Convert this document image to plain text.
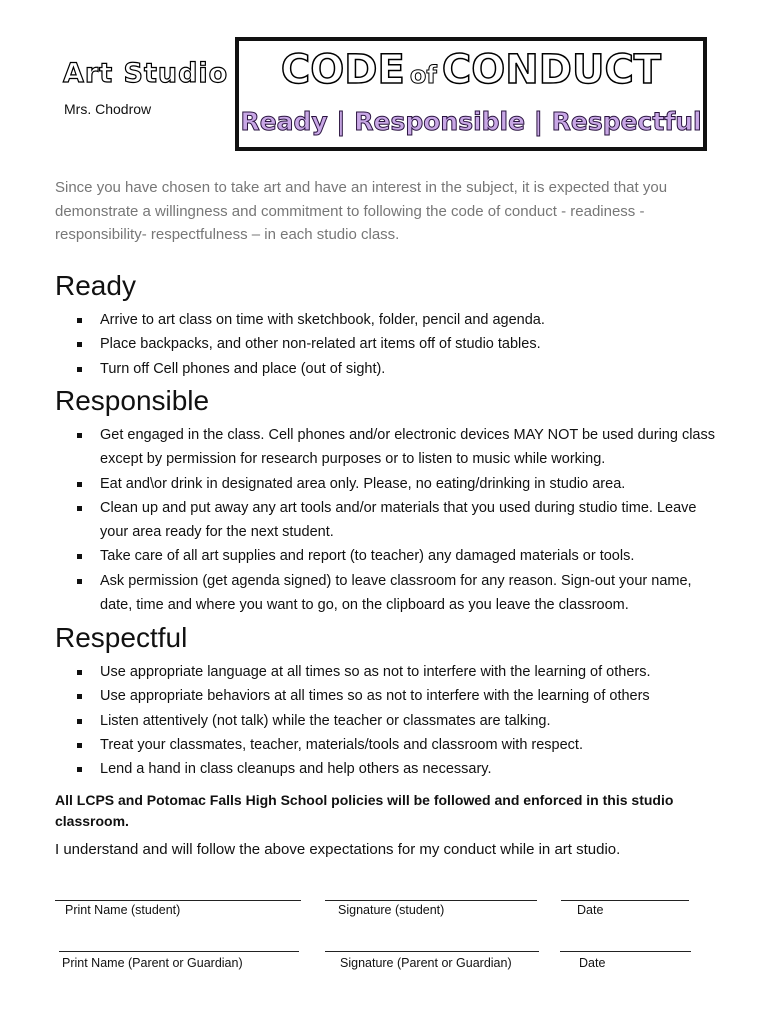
Art Studio
Mrs. Chodrow
CODE of CONDUCT
Ready | Responsible | Respectful
Since you have chosen to take art and have an interest in the subject, it is expected that you demonstrate a willingness and commitment to following the code of conduct - readiness -responsibility- respectfulness – in each studio class.
Ready
Arrive to art class on time with sketchbook, folder, pencil and agenda.
Place backpacks, and other non-related art items off of studio tables.
Turn off Cell phones and place (out of sight).
Responsible
Get engaged in the class. Cell phones and/or electronic devices MAY NOT be used during class except by permission for research purposes or to listen to music while working.
Eat and\or drink in designated area only. Please, no eating/drinking in studio area.
Clean up and put away any art tools and/or materials that you used during studio time. Leave your area ready for the next student.
Take care of all art supplies and report (to teacher) any damaged materials or tools.
Ask permission (get agenda signed) to leave classroom for any reason. Sign-out your name, date, time and where you want to go, on the clipboard as you leave the classroom.
Respectful
Use appropriate language at all times so as not to interfere with the learning of others.
Use appropriate behaviors at all times so as not to interfere with the learning of others
Listen attentively (not talk) while the teacher or classmates are talking.
Treat your classmates, teacher, materials/tools and classroom with respect.
Lend a hand in class cleanups and help others as necessary.
All LCPS and Potomac Falls High School policies will be followed and enforced in this studio classroom.
I understand and will follow the above expectations for my conduct while in art studio.
Print Name (student)	Signature (student)	Date
Print Name (Parent or Guardian)	Signature (Parent or Guardian)	Date
